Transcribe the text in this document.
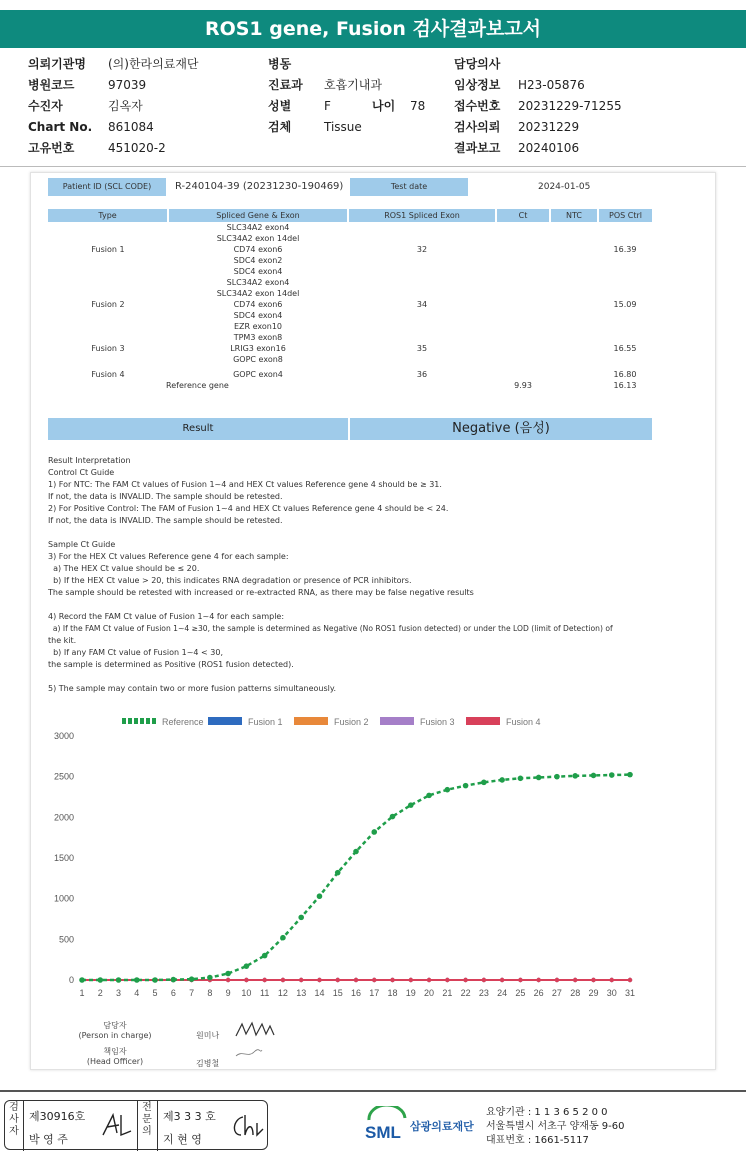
ROS1 gene, Fusion 검사결과보고서
의뢰기관명 (의)한라의료재단
병원코드	97039
수진자	김옥자
Chart No. 861084
고유번호	451020-2
병동
진료과 호흡기내과
성별	F	나이 78
검체	Tissue
담당의사
임상정보 H23-05876
접수번호 20231229-71255
검사의뢰 20231229
결과보고 20240106
Patient ID (SCL CODE)	R-240104-39 (20231230-190469)	Test date	2024-01-05
Type	Spliced Gene & Exon	ROS1 Spliced Exon	Ct	NTC	POS Ctrl
Fusion 1	SLC34A2 exon4
SLC34A2 exon 14del
CD74 exon6
SDC4 exon2
SDC4 exon4	32			16.39
Fusion 2	SLC34A2 exon4
SLC34A2 exon 14del
CD74 exon6
SDC4 exon4
EZR exon10	34			15.09
Fusion 3	TPM3 exon8
LRIG3 exon16
GOPC exon8	35			16.55
Fusion 4	GOPC exon4	36			16.80
Reference gene			9.93		16.13
Result	Negative (음성)

Result Interpretation

Control Ct Guide

1) For NTC: The FAM Ct values of Fusion 1~4 and HEX Ct values Reference gene 4 should be ≥ 31.

If not, the data is INVALID. The sample should be retested.

2) For Positive Control: The FAM of Fusion 1~4 and HEX Ct values Reference gene 4 should be < 24.

If not, the data is INVALID. The sample should be retested.

Sample Ct Guide

3) For the HEX Ct values Reference gene 4 for each sample:

a) The HEX Ct value should be ≤ 20.

b) If the HEX Ct value > 20, this indicates RNA degradation or presence of PCR inhibitors.

The sample should be retested with increased or re-extracted RNA, as there may be false negative results

4) Record the FAM Ct value of Fusion 1~4 for each sample:

a) If the FAM Ct value of Fusion 1~4 ≥30, the sample is determined as Negative (No ROS1 fusion detected) or under the LOD (limit of Detection) of

the kit.

b) If any FAM Ct value of Fusion 1~4 < 30,

the sample is determined as Positive (ROS1 fusion detected).

5) The sample may contain two or more fusion patterns simultaneously.

0
500
1000
1500
2000
2500
3000
1 2 3 4 5 6 7 8 9 10 11 12 13 14 15 16 17 18 19 20 21 22 23 24 25 26 27 28 29 30 31
Reference	Fusion 1	Fusion 2	Fusion 3	Fusion 4
담당자
(Person in charge)	원미나
책임자
(Head Officer)	김병철
검사자
제30916호
박 영 주
전문의
제3 3 3 호
지 현 영	SML 삼광의료재단
요양기관 : 1 1 3 6 5 2 0 0
서울특별시 서초구 양재동 9-60
대표번호 : 1661-5117
